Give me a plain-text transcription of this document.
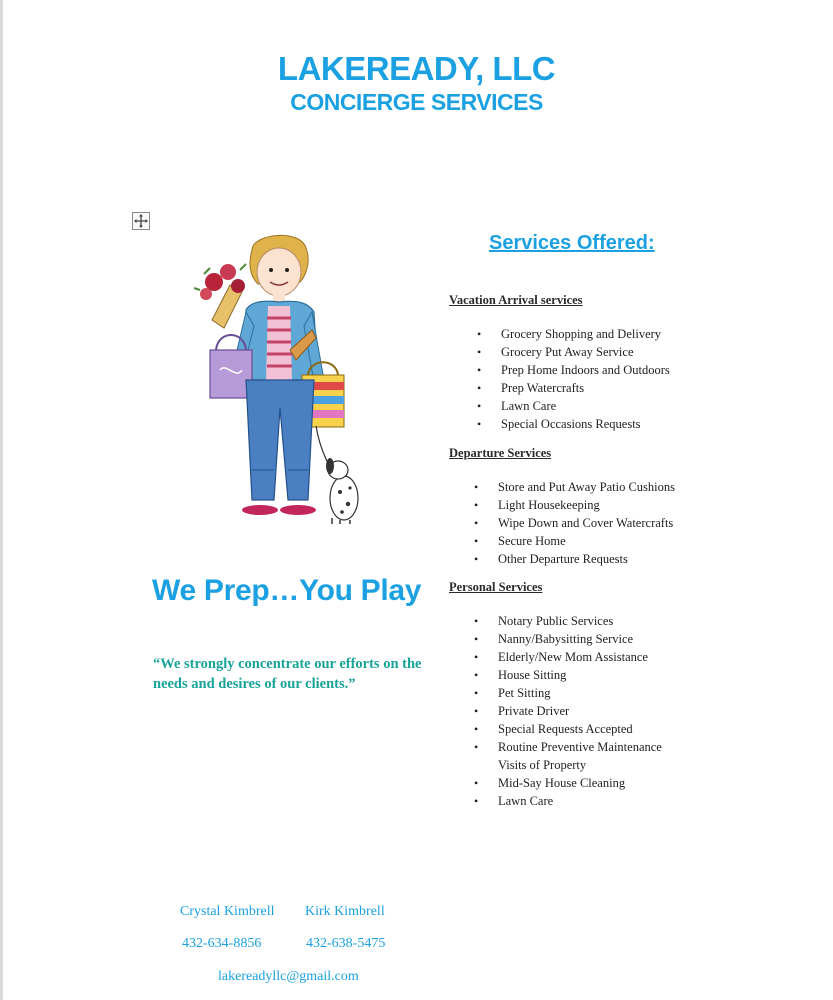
LAKEREADY, LLC
CONCIERGE SERVICES
We Prep…You Play
“We strongly concentrate our efforts on the needs and desires of our clients.”
Services Offered:
Vacation Arrival services
• Grocery Shopping and Delivery
• Grocery Put Away Service
• Prep Home Indoors and Outdoors
• Prep Watercrafts
• Lawn Care
• Special Occasions Requests
Departure Services
• Store and Put Away Patio Cushions
• Light Housekeeping
• Wipe Down and Cover Watercrafts
• Secure Home
• Other Departure Requests
Personal Services
• Notary Public Services
• Nanny/Babysitting Service
• Elderly/New Mom Assistance
• House Sitting
• Pet Sitting
• Private Driver
• Special Requests Accepted
• Routine Preventive Maintenance Visits of Property
• Mid-Say House Cleaning
• Lawn Care
Crystal Kimbrell Kirk Kimbrell
432-634-8856	432-638-5475
lakereadyllc@gmail.com
